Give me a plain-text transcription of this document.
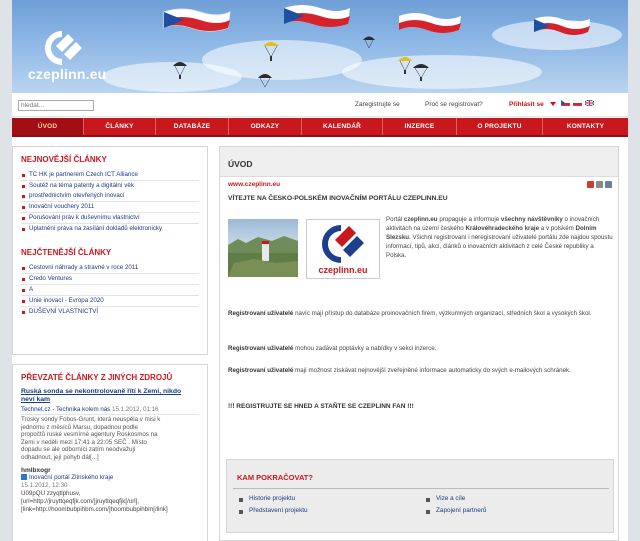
czeplinn.eu
hledat...
Zaregistrujte se	Proč se registrovat?	Přihlásit se
ÚVOD	ČLÁNKY	DATABÁZE	ODKAZY	KALENDÁŘ	INZERCE	O PROJEKTU	KONTAKTY
NEJNOVĚJŠÍ ČLÁNKY
TC HK je partnerem Czech ICT Alliance
Soutěž na téma patenty a digitální věk
prostřednictvím otevřených inovací
Inovační vouchery 2011
Porušování práv k duševnímu vlastnictví
Uplatnění práva na zasílání dokladů elektronicky
NEJČTENĚJŠÍ ČLÁNKY
Cestovní náhrady a stravné v roce 2011
Credo Ventures
A
Unie inovací - Evropa 2020
DUŠEVNÍ VLASTNICTVÍ
PŘEVZATÉ ČLÁNKY Z JINÝCH ZDROJŮ
Ruská sonda se nekontrolovaně řítí k Zemi, nikdo
neví kam
Technet.cz - Technika kolem nás 15.1.2012, 01:16
Trosky sondy Fobos-Grunt, která neuspěla v misi k
jednomu z měsíců Marsu, dopadnou podle
propočtů ruské vesmírné agentury Roskosmos na
Zemi v neděli mezi 17:41 a 22:05 SEČ . Místo
dopadu se ale odborníci zatím neodvažují
odhadnout, její pohyb dál[...]
hmlbxogr
Inovační portál Zlínského kraje
15.1.2012, 12:30
U09pQU zzyqtlphusv,
[url=http://jruyttqeqfjk.com/]jruyttqeqfjk[/url],
[link=http://hoombubpihbm.com/]hoombubpihbm[/link]
ÚVOD
www.czeplinn.eu
VÍTEJTE NA ČESKO-POLSKÉM INOVAČNÍM PORTÁLU CZEPLINN.EU
czeplinn.eu
Portál czeplinn.eu propaguje a informuje všechny návštěvníky o inovačních aktivitách na území českého Královéhradeckého kraje a v polském Dolním Slezsku. Všichni registrovaní i neregistrovaní uživatelé portálu zde najdou spoustu informací, tipů, akcí, článků o inovačních aktivitách z celé České republiky a Polska.
Registrovaní uživatelé navíc mají přístup do databáze proinovačních firem, výzkumných organizací, středních škol a vysokých škol.
Registrovaní uživatelé mohou zadávat poptávky a nabídky v sekci inzerce.
Registrovaní uživatelé mají možnost získávat nejnovější zveřejněné informace automaticky do svých e-mailových schránek.
!!! REGISTRUJTE SE HNED A STAŇTE SE CZEPLINN FAN !!!
KAM POKRAČOVAT?
Historie projektu
Představení projektu
Vize a cíle
Zapojení partnerů
